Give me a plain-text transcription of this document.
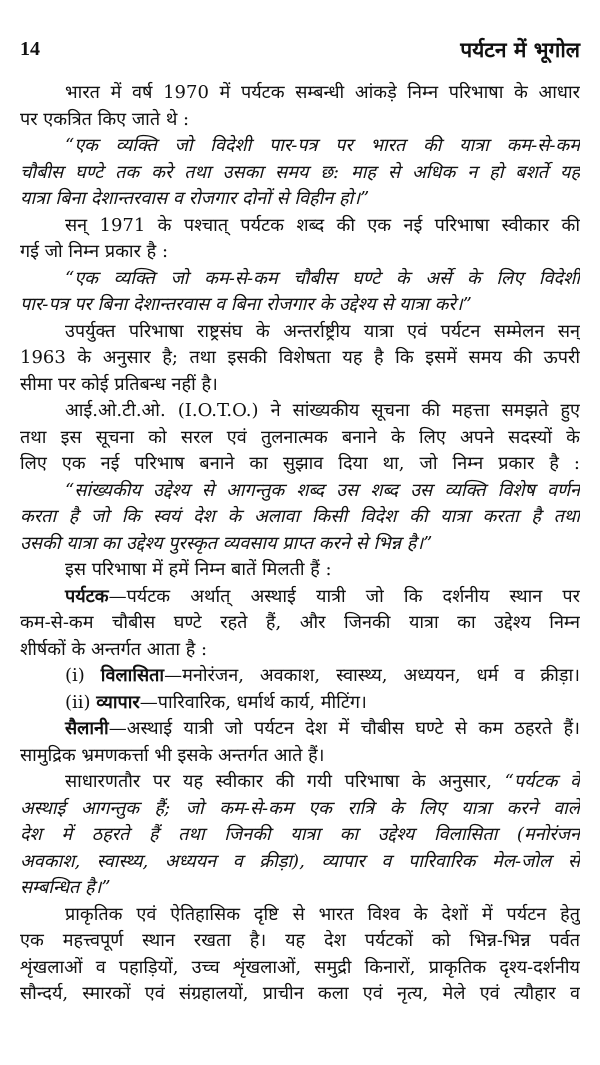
14	पर्यटन में भूगोल
भारत में वर्ष 1970 में पर्यटक सम्बन्धी आंकड़े निम्न परिभाषा के आधार
पर एकत्रित किए जाते थे :
“एक व्यक्ति जो विदेशी पार-पत्र पर भारत की यात्रा कम-से-कम
चौबीस घण्टे तक करे तथा उसका समय छ: माह से अधिक न हो बशर्ते यह
यात्रा बिना देशान्तरवास व रोजगार दोनों से विहीन हो।”
सन् 1971 के पश्चात् पर्यटक शब्द की एक नई परिभाषा स्वीकार की
गई जो निम्न प्रकार है :
“एक व्यक्ति जो कम-से-कम चौबीस घण्टे के अर्से के लिए विदेशी
पार-पत्र पर बिना देशान्तरवास व बिना रोजगार के उद्देश्य से यात्रा करे।”
उपर्युक्त परिभाषा राष्ट्रसंघ के अन्तर्राष्ट्रीय यात्रा एवं पर्यटन सम्मेलन सन्
1963 के अनुसार है; तथा इसकी विशेषता यह है कि इसमें समय की ऊपरी
सीमा पर कोई प्रतिबन्ध नहीं है।
आई.ओ.टी.ओ. (I.O.T.O.) ने सांख्यकीय सूचना की महत्ता समझते हुए
तथा इस सूचना को सरल एवं तुलनात्मक बनाने के लिए अपने सदस्यों के
लिए एक नई परिभाष बनाने का सुझाव दिया था, जो निम्न प्रकार है :
“सांख्यकीय उद्देश्य से आगन्तुक शब्द उस शब्द उस व्यक्ति विशेष वर्णन
करता है जो कि स्वयं देश के अलावा किसी विदेश की यात्रा करता है तथा
उसकी यात्रा का उद्देश्य पुरस्कृत व्यवसाय प्राप्त करने से भिन्न है।”
इस परिभाषा में हमें निम्न बातें मिलती हैं :
पर्यटक—पर्यटक अर्थात् अस्थाई यात्री जो कि दर्शनीय स्थान पर
कम-से-कम चौबीस घण्टे रहते हैं, और जिनकी यात्रा का उद्देश्य निम्न
शीर्षकों के अन्तर्गत आता है :
(i) विलासिता—मनोरंजन, अवकाश, स्वास्थ्य, अध्ययन, धर्म व क्रीड़ा।
(ii) व्यापार—पारिवारिक, धर्मार्थ कार्य, मीटिंग।
सैलानी—अस्थाई यात्री जो पर्यटन देश में चौबीस घण्टे से कम ठहरते हैं।
सामुद्रिक भ्रमणकर्त्ता भी इसके अन्तर्गत आते हैं।
साधारणतौर पर यह स्वीकार की गयी परिभाषा के अनुसार, “पर्यटक वे
अस्थाई आगन्तुक हैं; जो कम-से-कम एक रात्रि के लिए यात्रा करने वाले
देश में ठहरते हैं तथा जिनकी यात्रा का उद्देश्य विलासिता (मनोरंजन
अवकाश, स्वास्थ्य, अध्ययन व क्रीड़ा), व्यापार व पारिवारिक मेल-जोल से
सम्बन्धित है।”
प्राकृतिक एवं ऐतिहासिक दृष्टि से भारत विश्व के देशों में पर्यटन हेतु
एक महत्त्वपूर्ण स्थान रखता है। यह देश पर्यटकों को भिन्न-भिन्न पर्वत
शृंखलाओं व पहाड़ियों, उच्च शृंखलाओं, समुद्री किनारों, प्राकृतिक दृश्य-दर्शनीय
सौन्दर्य, स्मारकों एवं संग्रहालयों, प्राचीन कला एवं नृत्य, मेले एवं त्यौहार व
